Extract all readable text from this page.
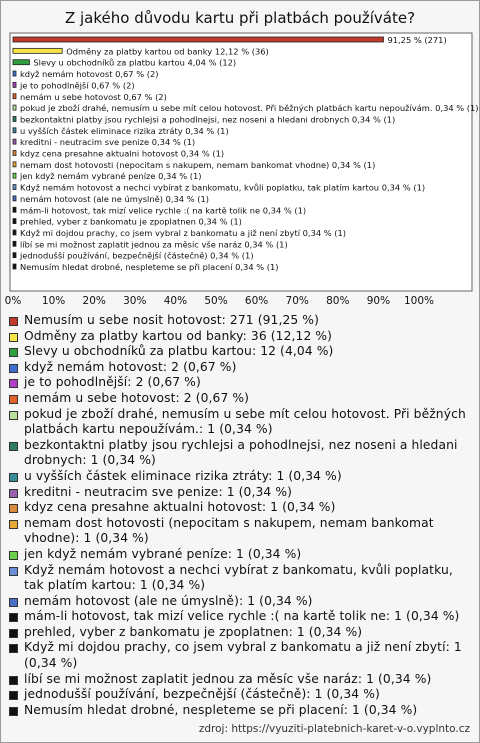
Z jakého důvodu kartu při platbách používáte?
91,25 % (271)
Odměny za platby kartou od banky 12,12 % (36)
Slevy u obchodníků za platbu kartou 4,04 % (12)
když nemám hotovost 0,67 % (2)
je to pohodlnější 0,67 % (2)
nemám u sebe hotovost 0,67 % (2)
pokud je zboží drahé, nemusím u sebe mít celou hotovost. Při běžných platbách kartu nepoužívám. 0,34 % (1)
bezkontaktni platby jsou rychlejsi a pohodlnejsi, nez noseni a hledani drobnych 0,34 % (1)
u vyšších částek eliminace rizika ztráty 0,34 % (1)
kreditni - neutracim sve penize 0,34 % (1)
kdyz cena presahne aktualni hotovost 0,34 % (1)
nemam dost hotovosti (nepocitam s nakupem, nemam bankomat vhodne) 0,34 % (1)
jen když nemám vybrané peníze 0,34 % (1)
Když nemám hotovost a nechci vybírat z bankomatu, kvůli poplatku, tak platím kartou 0,34 % (1)
nemám hotovost (ale ne úmyslně) 0,34 % (1)
mám-li hotovost, tak mizí velice rychle :( na kartě tolik ne 0,34 % (1)
prehled, vyber z bankomatu je zpoplatnen 0,34 % (1)
Když mi dojdou prachy, co jsem vybral z bankomatu a již není zbytí 0,34 % (1)
líbí se mi možnost zaplatit jednou za měsíc vše naráz 0,34 % (1)
jednodušší používání, bezpečnější (částečně) 0,34 % (1)
Nemusím hledat drobné, nespleteme se při placení 0,34 % (1)
0% 10% 20% 30% 40% 50% 60% 70% 80% 90% 100%
Nemusím u sebe nosit hotovost: 271 (91,25 %)
Odměny za platby kartou od banky: 36 (12,12 %)
Slevy u obchodníků za platbu kartou: 12 (4,04 %)
když nemám hotovost: 2 (0,67 %)
je to pohodlnější: 2 (0,67 %)
nemám u sebe hotovost: 2 (0,67 %)
pokud je zboží drahé, nemusím u sebe mít celou hotovost. Při běžných platbách kartu nepoužívám.: 1 (0,34 %)
bezkontaktni platby jsou rychlejsi a pohodlnejsi, nez noseni a hledani drobnych: 1 (0,34 %)
u vyšších částek eliminace rizika ztráty: 1 (0,34 %)
kreditni - neutracim sve penize: 1 (0,34 %)
kdyz cena presahne aktualni hotovost: 1 (0,34 %)
nemam dost hotovosti (nepocitam s nakupem, nemam bankomat vhodne): 1 (0,34 %)
jen když nemám vybrané peníze: 1 (0,34 %)
Když nemám hotovost a nechci vybírat z bankomatu, kvůli poplatku, tak platím kartou: 1 (0,34 %)
nemám hotovost (ale ne úmyslně): 1 (0,34 %)
mám-li hotovost, tak mizí velice rychle :( na kartě tolik ne: 1 (0,34 %)
prehled, vyber z bankomatu je zpoplatnen: 1 (0,34 %)
Když mi dojdou prachy, co jsem vybral z bankomatu a již není zbytí: 1 (0,34 %)
líbí se mi možnost zaplatit jednou za měsíc vše naráz: 1 (0,34 %)
jednodušší používání, bezpečnější (částečně): 1 (0,34 %)
Nemusím hledat drobné, nespleteme se při placení: 1 (0,34 %)
zdroj: https://vyuziti-platebnich-karet-v-o.vyplnto.cz
